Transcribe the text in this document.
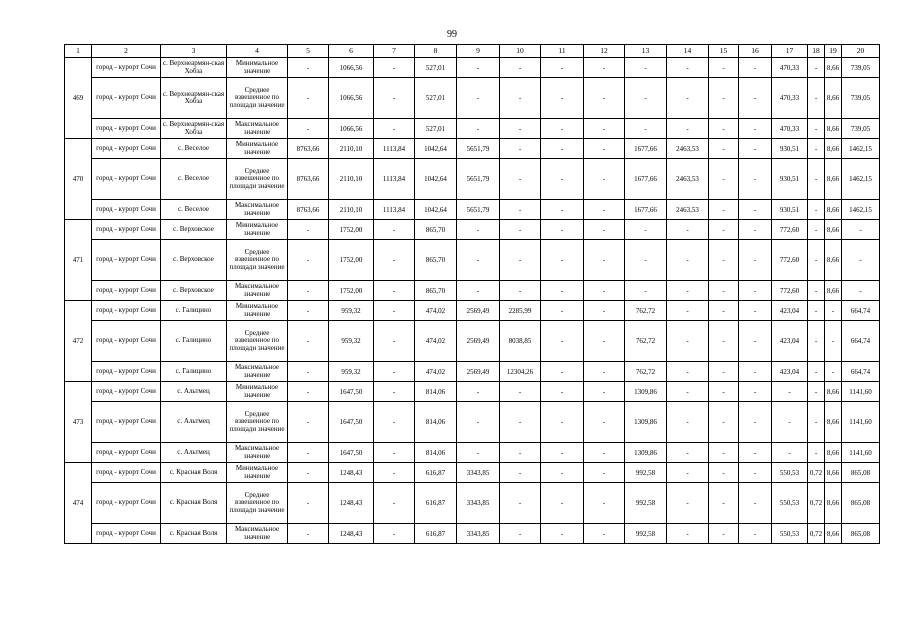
99
1	2	3	4	5	6	7	8	9	10	11	12	13	14	15	16	17	18	19	20
469	город - курорт Сочи	с. Верхнеармян-ская Хобза	Минимальное значение	-	1066,56	-	527,01	-	-	-	-	-	-	-	-	470,33	-	8,66	739,05
	город - курорт Сочи	с. Верхнеармян-ская Хобза	Среднее взвешенное по площади значение	-	1066,56	-	527,01	-	-	-	-	-	-	-	-	470,33	-	8,66	739,05
	город - курорт Сочи	с. Верхнеармян-ская Хобза	Максимальное значение	-	1066,56	-	527,01	-	-	-	-	-	-	-	-	470,33	-	8,66	739,05
470	город - курорт Сочи	с. Веселое	Минимальное значение	8763,66	2110,10	1113,84	1042,64	5651,79	-	-	-	1677,66	2463,53	-	-	930,51	-	8,66	1462,15
	город - курорт Сочи	с. Веселое	Среднее взвешенное по площади значение	8763,66	2110,10	1113,84	1042,64	5651,79	-	-	-	1677,66	2463,53	-	-	930,51	-	8,66	1462,15
	город - курорт Сочи	с. Веселое	Максимальное значение	8763,66	2110,10	1113,84	1042,64	5651,79	-	-	-	1677,66	2463,53	-	-	930,51	-	8,66	1462,15
471	город - курорт Сочи	с. Верховское	Минимальное значение	-	1752,00	-	865,70	-	-	-	-	-	-	-	-	772,60	-	8,66	-
	город - курорт Сочи	с. Верховское	Среднее взвешенное по площади значение	-	1752,00	-	865,70	-	-	-	-	-	-	-	-	772,60	-	8,66	-
	город - курорт Сочи	с. Верховское	Максимальное значение	-	1752,00	-	865,70	-	-	-	-	-	-	-	-	772,60	-	8,66	-
472	город - курорт Сочи	с. Галицино	Минимальное значение	-	959,32	-	474,02	2569,49	2285,99	-	-	762,72	-	-	-	423,04	-	-	664,74
	город - курорт Сочи	с. Галицино	Среднее взвешенное по площади значение	-	959,32	-	474,02	2569,49	8038,85	-	-	762,72	-	-	-	423,04	-	-	664,74
	город - курорт Сочи	с. Галицино	Максимальное значение	-	959,32	-	474,02	2569,49	12304,26	-	-	762,72	-	-	-	423,04	-	-	664,74
473	город - курорт Сочи	с. Альтмец	Минимальное значение	-	1647,50	-	814,06	-	-	-	-	1309,86	-	-	-	-	-	8,66	1141,60
	город - курорт Сочи	с. Альтмец	Среднее взвешенное по площади значение	-	1647,50	-	814,06	-	-	-	-	1309,86	-	-	-	-	-	8,66	1141,60
	город - курорт Сочи	с. Альтмец	Максимальное значение	-	1647,50	-	814,06	-	-	-	-	1309,86	-	-	-	-	-	8,66	1141,60
474	город - курорт Сочи	с. Красная Воля	Минимальное значение	-	1248,43	-	616,87	3343,85	-	-	-	992,58	-	-	-	550,53	0,72	8,66	865,08
	город - курорт Сочи	с. Красная Воля	Среднее взвешенное по площади значение	-	1248,43	-	616,87	3343,85	-	-	-	992,58	-	-	-	550,53	0,72	8,66	865,08
	город - курорт Сочи	с. Красная Воля	Максимальное значение	-	1248,43	-	616,87	3343,85	-	-	-	992,58	-	-	-	550,53	0,72	8,66	865,08
